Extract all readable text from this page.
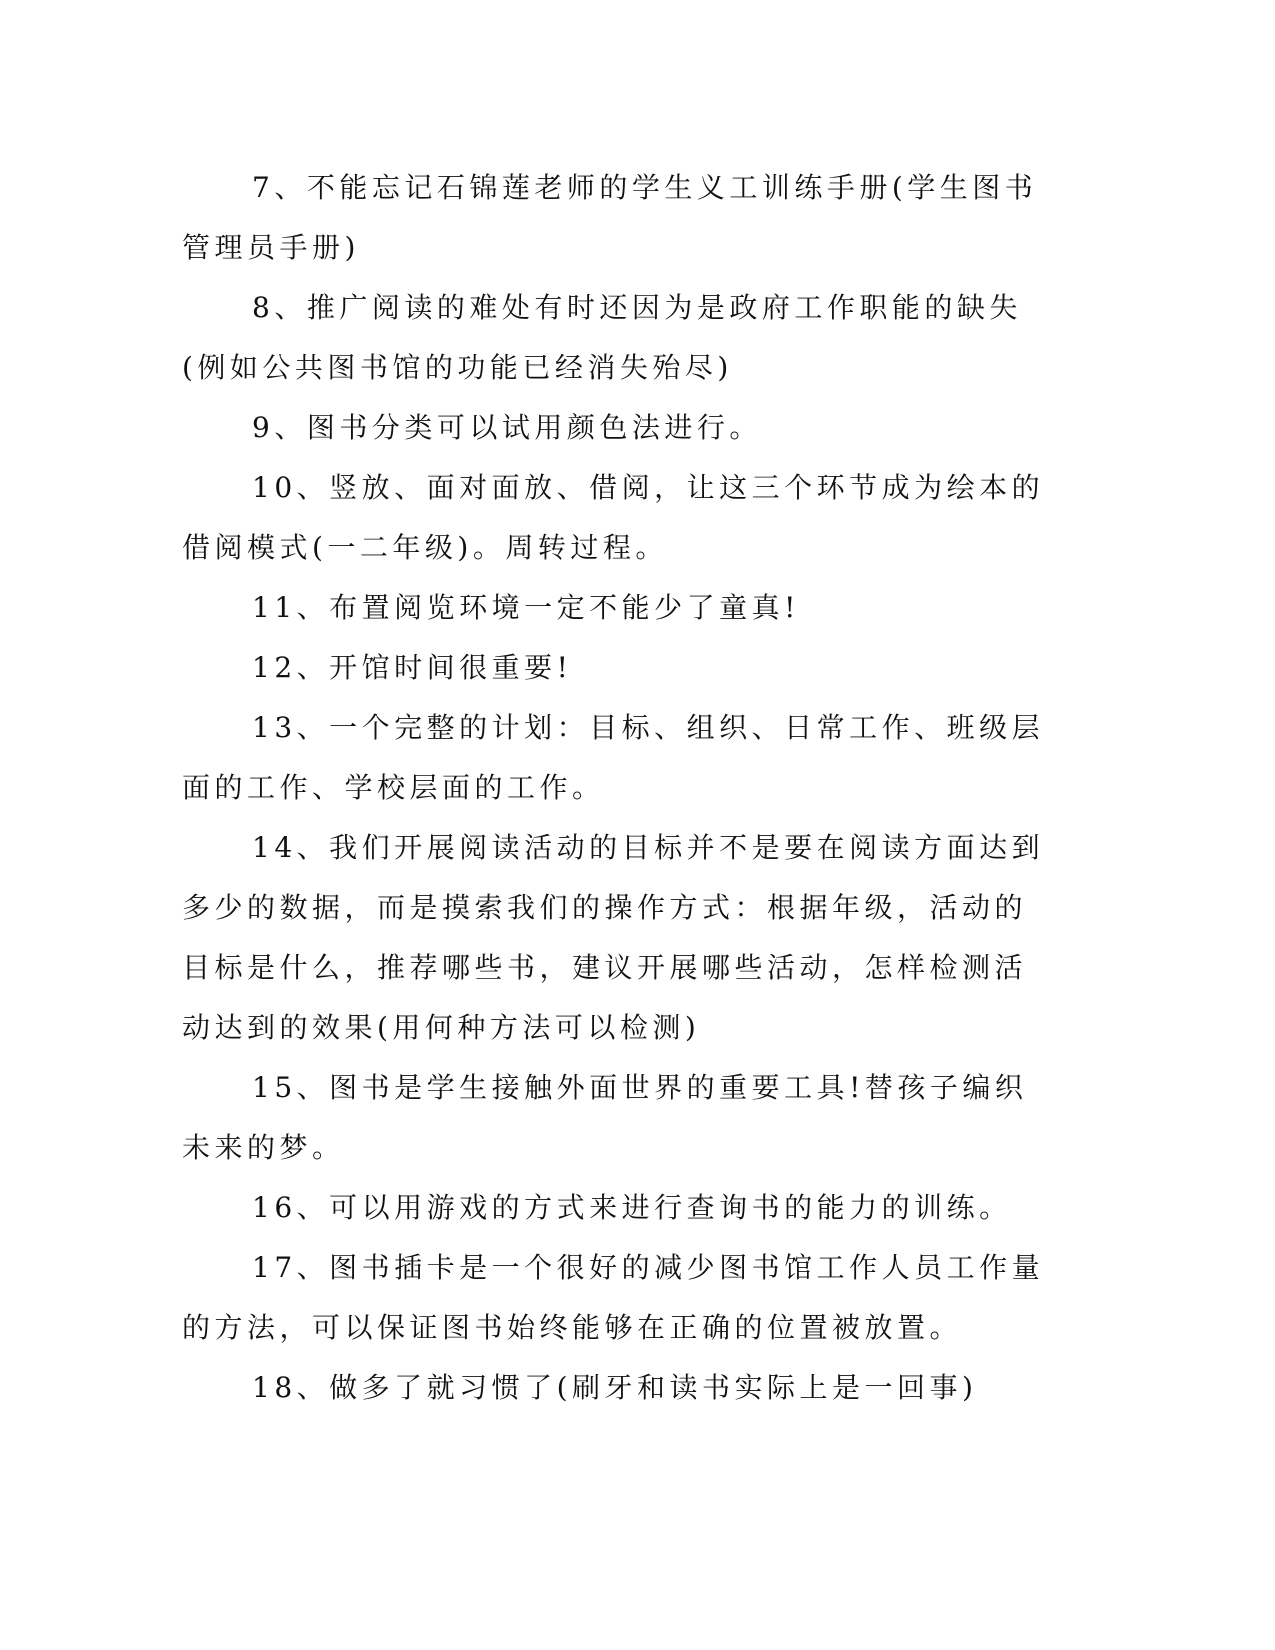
7、不能忘记石锦莲老师的学生义工训练手册(学生图书管理员手册)

8、推广阅读的难处有时还因为是政府工作职能的缺失(例如公共图书馆的功能已经消失殆尽)

9、图书分类可以试用颜色法进行。

10、竖放、面对面放、借阅，让这三个环节成为绘本的借阅模式(一二年级)。周转过程。

11、布置阅览环境一定不能少了童真!

12、开馆时间很重要!

13、一个完整的计划：目标、组织、日常工作、班级层面的工作、学校层面的工作。

14、我们开展阅读活动的目标并不是要在阅读方面达到多少的数据，而是摸索我们的操作方式：根据年级，活动的目标是什么，推荐哪些书，建议开展哪些活动，怎样检测活动达到的效果(用何种方法可以检测)

15、图书是学生接触外面世界的重要工具!替孩子编织未来的梦。

16、可以用游戏的方式来进行查询书的能力的训练。

17、图书插卡是一个很好的减少图书馆工作人员工作量的方法，可以保证图书始终能够在正确的位置被放置。

18、做多了就习惯了(刷牙和读书实际上是一回事)
